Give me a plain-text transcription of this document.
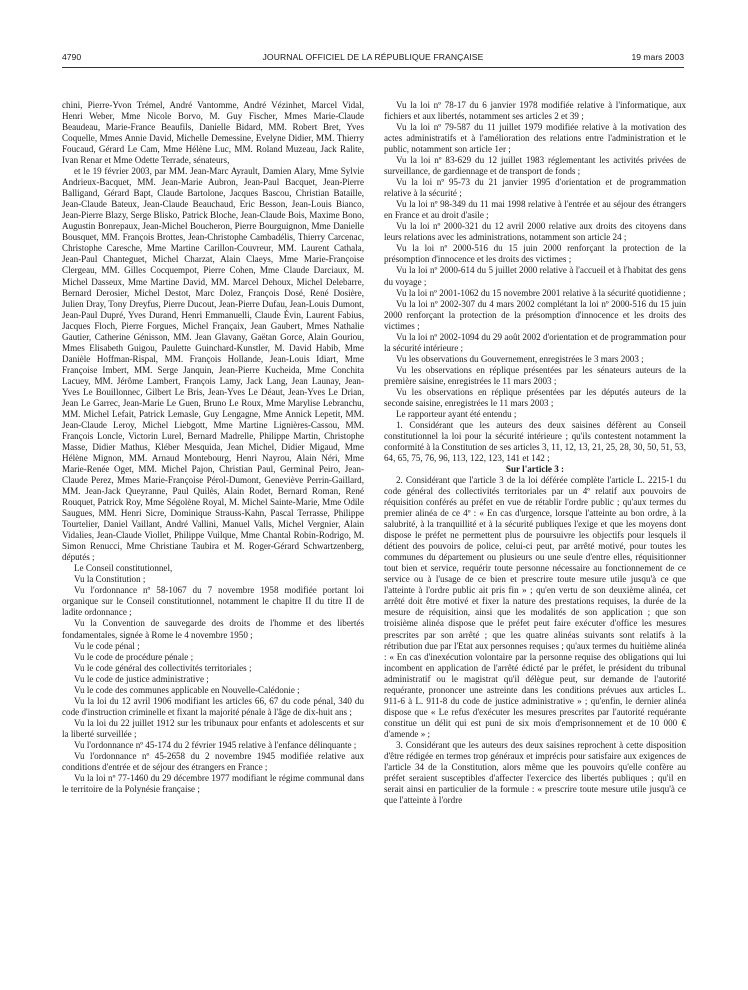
4790	JOURNAL OFFICIEL DE LA RÉPUBLIQUE FRANÇAISE	19 mars 2003

chini, Pierre-Yvon Trémel, André Vantomme, André Vézinhet, Marcel Vidal, Henri Weber, Mme Nicole Borvo, M. Guy Fischer, Mmes Marie-Claude Beaudeau, Marie-France Beaufils, Danielle Bidard, MM. Robert Bret, Yves Coquelle, Mmes Annie David, Michelle Demessine, Evelyne Didier, MM. Thierry Foucaud, Gérard Le Cam, Mme Hélène Luc, MM. Roland Muzeau, Jack Ralite, Ivan Renar et Mme Odette Terrade, sénateurs,

et le 19 février 2003, par MM. Jean-Marc Ayrault, Damien Alary, Mme Sylvie Andrieux-Bacquet, MM. Jean-Marie Aubron, Jean-Paul Bacquet, Jean-Pierre Balligand, Gérard Bapt, Claude Bartolone, Jacques Bascou, Christian Bataille, Jean-Claude Bateux, Jean-Claude Beauchaud, Eric Besson, Jean-Louis Bianco, Jean-Pierre Blazy, Serge Blisko, Patrick Bloche, Jean-Claude Bois, Maxime Bono, Augustin Bonrepaux, Jean-Michel Boucheron, Pierre Bourguignon, Mme Danielle Bousquet, MM. François Brottes, Jean-Christophe Cambadélis, Thierry Carcenac, Christophe Caresche, Mme Martine Carillon-Couvreur, MM. Laurent Cathala, Jean-Paul Chanteguet, Michel Charzat, Alain Claeys, Mme Marie-Françoise Clergeau, MM. Gilles Cocquempot, Pierre Cohen, Mme Claude Darciaux, M. Michel Dasseux, Mme Martine David, MM. Marcel Dehoux, Michel Delebarre, Bernard Derosier, Michel Destot, Marc Dolez, François Dosé, René Dosière, Julien Dray, Tony Dreyfus, Pierre Ducout, Jean-Pierre Dufau, Jean-Louis Dumont, Jean-Paul Dupré, Yves Durand, Henri Emmanuelli, Claude Évin, Laurent Fabius, Jacques Floch, Pierre Forgues, Michel Françaix, Jean Gaubert, Mmes Nathalie Gautier, Catherine Génisson, MM. Jean Glavany, Gaëtan Gorce, Alain Gouriou, Mmes Elisabeth Guigou, Paulette Guinchard-Kunstler, M. David Habib, Mme Danièle Hoffman-Rispal, MM. François Hollande, Jean-Louis Idiart, Mme Françoise Imbert, MM. Serge Janquin, Jean-Pierre Kucheida, Mme Conchita Lacuey, MM. Jérôme Lambert, François Lamy, Jack Lang, Jean Launay, Jean-Yves Le Bouillonnec, Gilbert Le Bris, Jean-Yves Le Déaut, Jean-Yves Le Drian, Jean Le Garrec, Jean-Marie Le Guen, Bruno Le Roux, Mme Marylise Lebranchu, MM. Michel Lefait, Patrick Lemasle, Guy Lengagne, Mme Annick Lepetit, MM. Jean-Claude Leroy, Michel Liebgott, Mme Martine Lignières-Cassou, MM. François Loncle, Victorin Lurel, Bernard Madrelle, Philippe Martin, Christophe Masse, Didier Mathus, Kléber Mesquida, Jean Michel, Didier Migaud, Mme Hélène Mignon, MM. Arnaud Montebourg, Henri Nayrou, Alain Néri, Mme Marie-Renée Oget, MM. Michel Pajon, Christian Paul, Germinal Peiro, Jean-Claude Perez, Mmes Marie-Françoise Pérol-Dumont, Geneviève Perrin-Gaillard, MM. Jean-Jack Queyranne, Paul Quilès, Alain Rodet, Bernard Roman, René Rouquet, Patrick Roy, Mme Ségolène Royal, M. Michel Sainte-Marie, Mme Odile Saugues, MM. Henri Sicre, Dominique Strauss-Kahn, Pascal Terrasse, Philippe Tourtelier, Daniel Vaillant, André Vallini, Manuel Valls, Michel Vergnier, Alain Vidalies, Jean-Claude Viollet, Philippe Vuilque, Mme Chantal Robin-Rodrigo, M. Simon Renucci, Mme Christiane Taubira et M. Roger-Gérard Schwartzenberg, députés ;

Le Conseil constitutionnel,

Vu la Constitution ;

Vu l'ordonnance nº 58-1067 du 7 novembre 1958 modifiée portant loi organique sur le Conseil constitutionnel, notamment le chapitre II du titre II de ladite ordonnance ;

Vu la Convention de sauvegarde des droits de l'homme et des libertés fondamentales, signée à Rome le 4 novembre 1950 ;

Vu le code pénal ;

Vu le code de procédure pénale ;

Vu le code général des collectivités territoriales ;

Vu le code de justice administrative ;

Vu le code des communes applicable en Nouvelle-Calédonie ;

Vu la loi du 12 avril 1906 modifiant les articles 66, 67 du code pénal, 340 du code d'instruction criminelle et fixant la majorité pénale à l'âge de dix-huit ans ;

Vu la loi du 22 juillet 1912 sur les tribunaux pour enfants et adolescents et sur la liberté surveillée ;

Vu l'ordonnance nº 45-174 du 2 février 1945 relative à l'enfance délinquante ;

Vu l'ordonnance nº 45-2658 du 2 novembre 1945 modifiée relative aux conditions d'entrée et de séjour des étrangers en France ;

Vu la loi nº 77-1460 du 29 décembre 1977 modifiant le régime communal dans le territoire de la Polynésie française ;

Vu la loi nº 78-17 du 6 janvier 1978 modifiée relative à l'informatique, aux fichiers et aux libertés, notamment ses articles 2 et 39 ;

Vu la loi nº 79-587 du 11 juillet 1979 modifiée relative à la motivation des actes administratifs et à l'amélioration des relations entre l'administration et le public, notamment son article 1er ;

Vu la loi nº 83-629 du 12 juillet 1983 réglementant les activités privées de surveillance, de gardiennage et de transport de fonds ;

Vu la loi nº 95-73 du 21 janvier 1995 d'orientation et de programmation relative à la sécurité ;

Vu la loi nº 98-349 du 11 mai 1998 relative à l'entrée et au séjour des étrangers en France et au droit d'asile ;

Vu la loi nº 2000-321 du 12 avril 2000 relative aux droits des citoyens dans leurs relations avec les administrations, notamment son article 24 ;

Vu la loi nº 2000-516 du 15 juin 2000 renforçant la protection de la présomption d'innocence et les droits des victimes ;

Vu la loi nº 2000-614 du 5 juillet 2000 relative à l'accueil et à l'habitat des gens du voyage ;

Vu la loi nº 2001-1062 du 15 novembre 2001 relative à la sécurité quotidienne ;

Vu la loi nº 2002-307 du 4 mars 2002 complétant la loi nº 2000-516 du 15 juin 2000 renforçant la protection de la présomption d'innocence et les droits des victimes ;

Vu la loi nº 2002-1094 du 29 août 2002 d'orientation et de programmation pour la sécurité intérieure ;

Vu les observations du Gouvernement, enregistrées le 3 mars 2003 ;

Vu les observations en réplique présentées par les sénateurs auteurs de la première saisine, enregistrées le 11 mars 2003 ;

Vu les observations en réplique présentées par les députés auteurs de la seconde saisine, enregistrées le 11 mars 2003 ;

Le rapporteur ayant été entendu ;

1. Considérant que les auteurs des deux saisines défèrent au Conseil constitutionnel la loi pour la sécurité intérieure ; qu'ils contestent notamment la conformité à la Constitution de ses articles 3, 11, 12, 13, 21, 25, 28, 30, 50, 51, 53, 64, 65, 75, 76, 96, 113, 122, 123, 141 et 142 ;

Sur l'article 3 :

2. Considérant que l'article 3 de la loi déférée complète l'article L. 2215-1 du code général des collectivités territoriales par un 4º relatif aux pouvoirs de réquisition conférés au préfet en vue de rétablir l'ordre public ; qu'aux termes du premier alinéa de ce 4º : « En cas d'urgence, lorsque l'atteinte au bon ordre, à la salubrité, à la tranquillité et à la sécurité publiques l'exige et que les moyens dont dispose le préfet ne permettent plus de poursuivre les objectifs pour lesquels il détient des pouvoirs de police, celui-ci peut, par arrêté motivé, pour toutes les communes du département ou plusieurs ou une seule d'entre elles, réquisitionner tout bien et service, requérir toute personne nécessaire au fonctionnement de ce service ou à l'usage de ce bien et prescrire toute mesure utile jusqu'à ce que l'atteinte à l'ordre public ait pris fin » ; qu'en vertu de son deuxième alinéa, cet arrêté doit être motivé et fixer la nature des prestations requises, la durée de la mesure de réquisition, ainsi que les modalités de son application ; que son troisième alinéa dispose que le préfet peut faire exécuter d'office les mesures prescrites par son arrêté ; que les quatre alinéas suivants sont relatifs à la rétribution due par l'Etat aux personnes requises ; qu'aux termes du huitième alinéa : « En cas d'inexécution volontaire par la personne requise des obligations qui lui incombent en application de l'arrêté édicté par le préfet, le président du tribunal administratif ou le magistrat qu'il délègue peut, sur demande de l'autorité requérante, prononcer une astreinte dans les conditions prévues aux articles L. 911-6 à L. 911-8 du code de justice administrative » ; qu'enfin, le dernier alinéa dispose que « Le refus d'exécuter les mesures prescrites par l'autorité requérante constitue un délit qui est puni de six mois d'emprisonnement et de 10 000 € d'amende » ;

3. Considérant que les auteurs des deux saisines reprochent à cette disposition d'être rédigée en termes trop généraux et imprécis pour satisfaire aux exigences de l'article 34 de la Constitution, alors même que les pouvoirs qu'elle confère au préfet seraient susceptibles d'affecter l'exercice des libertés publiques ; qu'il en serait ainsi en particulier de la formule : « prescrire toute mesure utile jusqu'à ce que l'atteinte à l'ordre
